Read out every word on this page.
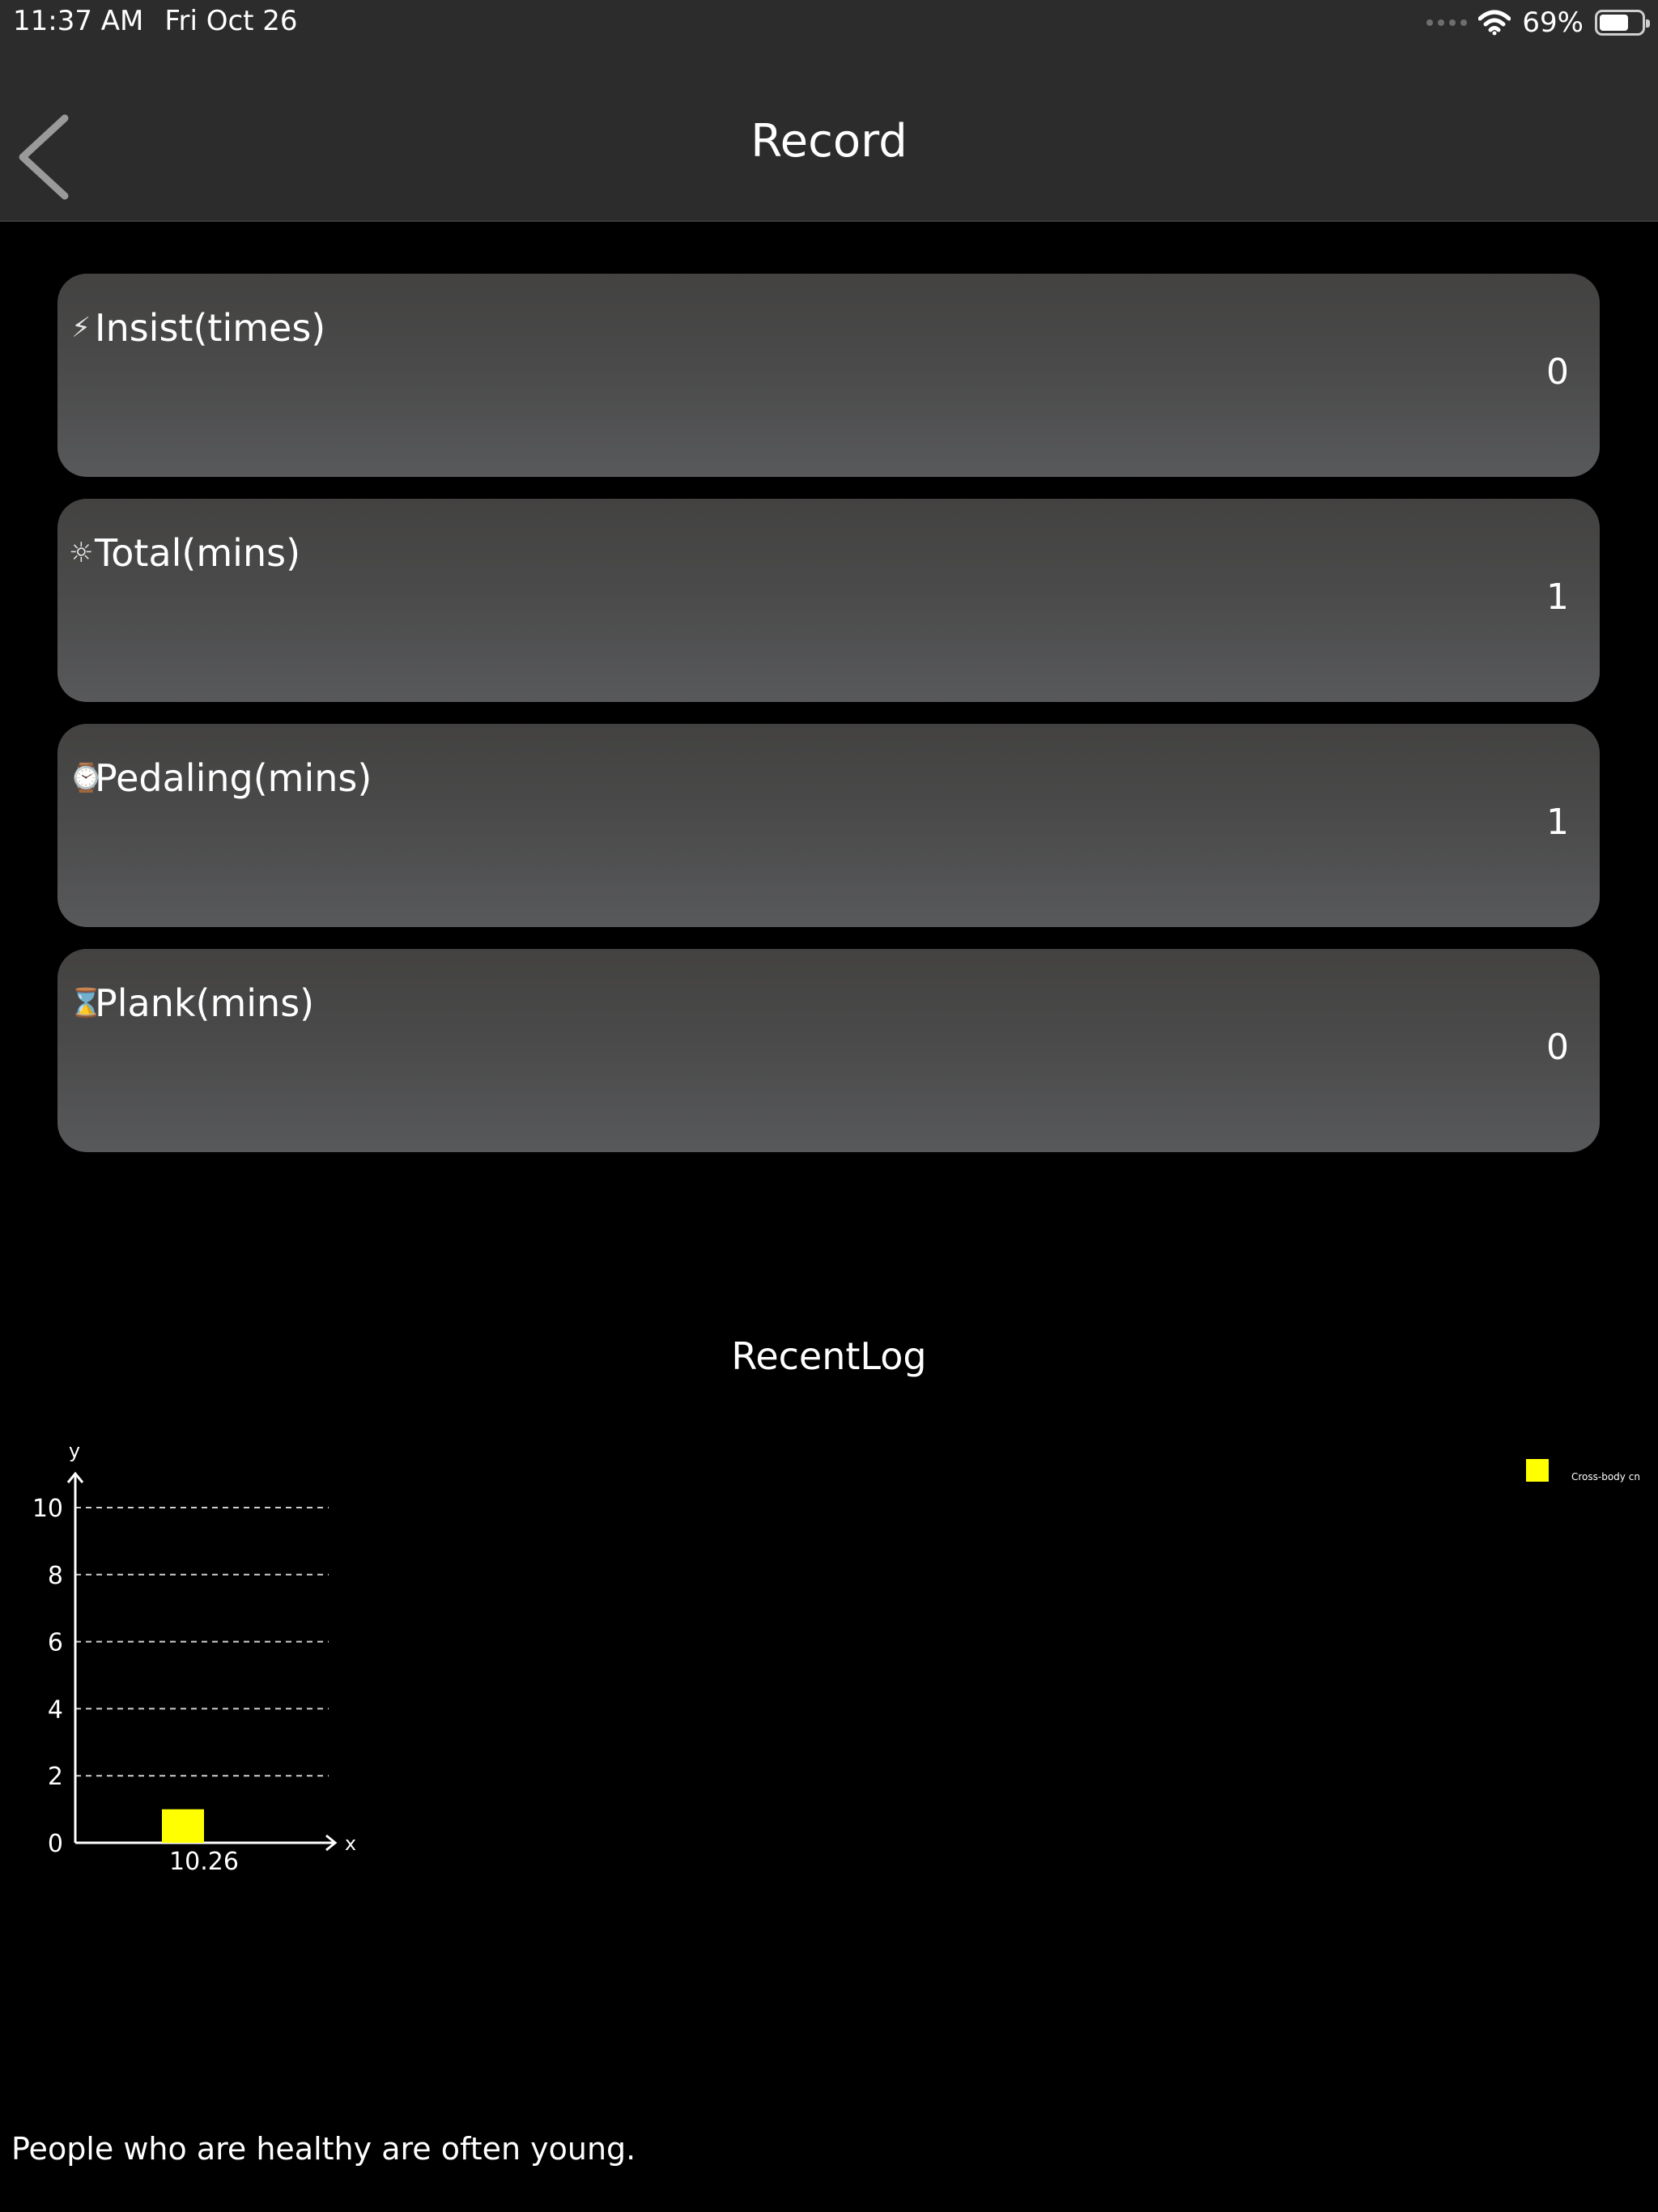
11:37 AM Fri Oct 26	69%
Record
⚡ Insist(times)
0
☼ Total(mins)
1
⌚
Pedaling(mins)
1
⌛
Plank(mins)
0
RecentLog
0
2
4
6
8
10
y
x
10.26
Cross-body cn
People who are healthy are often young.
